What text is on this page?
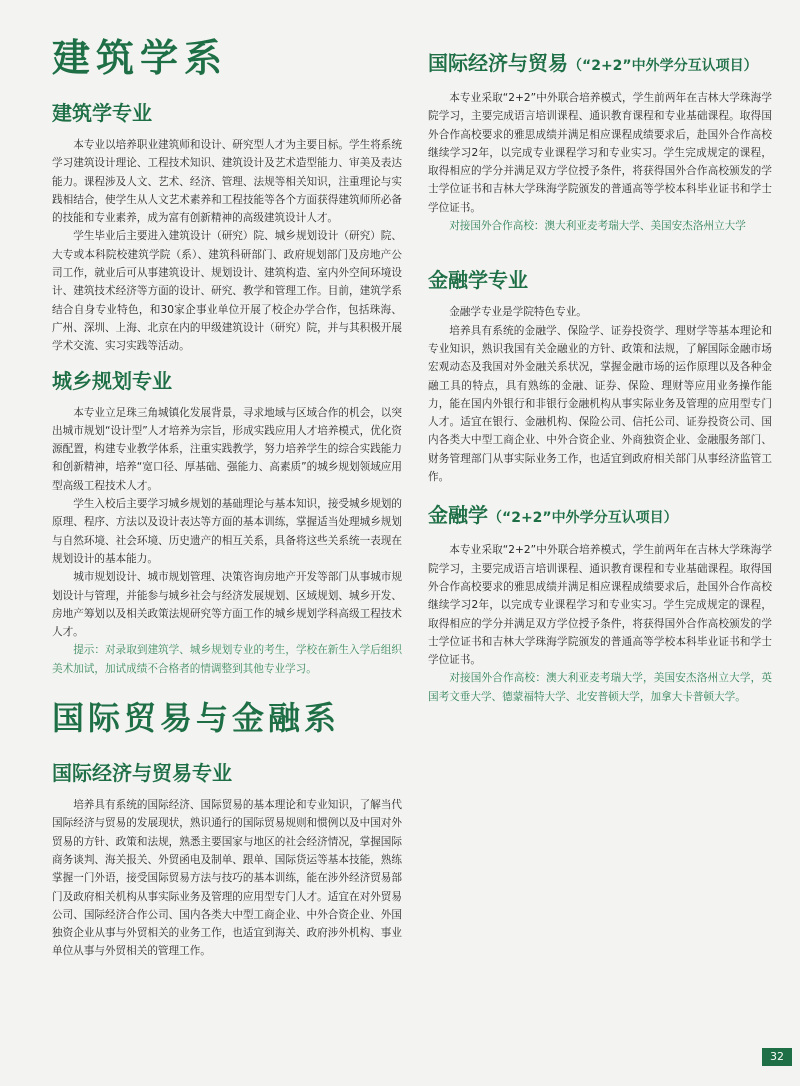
建筑学系
建筑学专业

本专业以培养职业建筑师和设计、研究型人才为主要目标。学生将系统学习建筑设计理论、工程技术知识、建筑设计及艺术造型能力、审美及表达能力。课程涉及人文、艺术、经济、管理、法规等相关知识，注重理论与实践相结合，使学生从人文艺术素养和工程技能等各个方面获得建筑师所必备的技能和专业素养，成为富有创新精神的高级建筑设计人才。

学生毕业后主要进入建筑设计（研究）院、城乡规划设计（研究）院、大专或本科院校建筑学院（系）、建筑科研部门、政府规划部门及房地产公司工作，就业后可从事建筑设计、规划设计、建筑构造、室内外空间环境设计、建筑技术经济等方面的设计、研究、教学和管理工作。目前，建筑学系结合自身专业特色，和30家企事业单位开展了校企办学合作，包括珠海、广州、深圳、上海、北京在内的甲级建筑设计（研究）院，并与其积极开展学术交流、实习实践等活动。

城乡规划专业

本专业立足珠三角城镇化发展背景，寻求地域与区域合作的机会，以突出城市规划“设计型”人才培养为宗旨，形成实践应用人才培养模式，优化资源配置，构建专业教学体系，注重实践教学，努力培养学生的综合实践能力和创新精神，培养“宽口径、厚基础、强能力、高素质”的城乡规划领域应用型高级工程技术人才。

学生入校后主要学习城乡规划的基础理论与基本知识，接受城乡规划的原理、程序、方法以及设计表达等方面的基本训练，掌握适当处理城乡规划与自然环境、社会环境、历史遗产的相互关系，具备将这些关系统一表现在规划设计的基本能力。

城市规划设计、城市规划管理、决策咨询房地产开发等部门从事城市规划设计与管理，并能参与城乡社会与经济发展规划、区域规划、城乡开发、房地产筹划以及相关政策法规研究等方面工作的城乡规划学科高级工程技术人才。

提示：对录取到建筑学、城乡规划专业的考生，学校在新生入学后组织美术加试，加试成绩不合格者的情调整到其他专业学习。

国际贸易与金融系
国际经济与贸易专业

培养具有系统的国际经济、国际贸易的基本理论和专业知识，了解当代国际经济与贸易的发展现状，熟识通行的国际贸易规则和惯例以及中国对外贸易的方针、政策和法规，熟悉主要国家与地区的社会经济情况，掌握国际商务谈判、海关报关、外贸函电及制单、跟单、国际货运等基本技能，熟练掌握一门外语，接受国际贸易方法与技巧的基本训练，能在涉外经济贸易部门及政府相关机构从事实际业务及管理的应用型专门人才。适宜在对外贸易公司、国际经济合作公司、国内各类大中型工商企业、中外合资企业、外国独资企业从事与外贸相关的业务工作，也适宜到海关、政府涉外机构、事业单位从事与外贸相关的管理工作。

国际经济与贸易（“2+2”中外学分互认项目）

本专业采取“2+2”中外联合培养模式，学生前两年在吉林大学珠海学院学习，主要完成语言培训课程、通识教育课程和专业基础课程。取得国外合作高校要求的雅思成绩并满足相应课程成绩要求后，赴国外合作高校继续学习2年，以完成专业课程学习和专业实习。学生完成规定的课程，取得相应的学分并满足双方学位授予条件，将获得国外合作高校颁发的学士学位证书和吉林大学珠海学院颁发的普通高等学校本科毕业证书和学士学位证书。

对接国外合作高校：澳大利亚麦考瑞大学、美国安杰洛州立大学

金融学专业

金融学专业是学院特色专业。

培养具有系统的金融学、保险学、证券投资学、理财学等基本理论和专业知识，熟识我国有关金融业的方针、政策和法规，了解国际金融市场宏观动态及我国对外金融关系状况，掌握金融市场的运作原理以及各种金融工具的特点，具有熟练的金融、证券、保险、理财等应用业务操作能力，能在国内外银行和非银行金融机构从事实际业务及管理的应用型专门人才。适宜在银行、金融机构、保险公司、信托公司、证券投资公司、国内各类大中型工商企业、中外合资企业、外商独资企业、金融服务部门、财务管理部门从事实际业务工作，也适宜到政府相关部门从事经济监管工作。

金融学（“2+2”中外学分互认项目）

本专业采取“2+2”中外联合培养模式，学生前两年在吉林大学珠海学院学习，主要完成语言培训课程、通识教育课程和专业基础课程。取得国外合作高校要求的雅思成绩并满足相应课程成绩要求后，赴国外合作高校继续学习2年，以完成专业课程学习和专业实习。学生完成规定的课程，取得相应的学分并满足双方学位授予条件，将获得国外合作高校颁发的学士学位证书和吉林大学珠海学院颁发的普通高等学校本科毕业证书和学士学位证书。

对接国外合作高校：澳大利亚麦考瑞大学，美国安杰洛州立大学，英国考文垂大学、德蒙福特大学、北安普顿大学，加拿大卡普顿大学。

32
